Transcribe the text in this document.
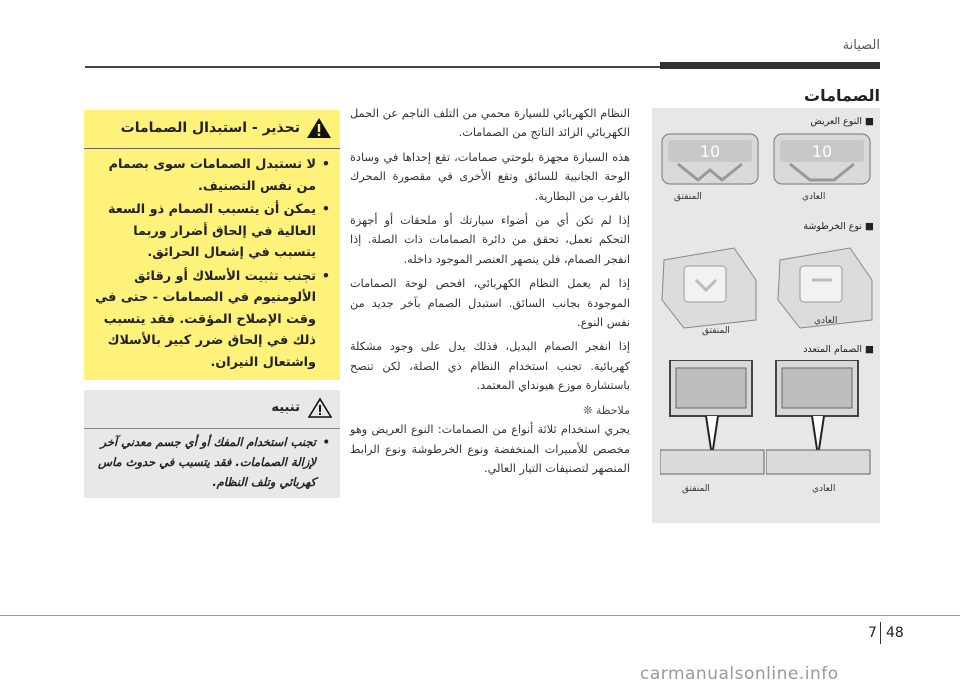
الصيانة
الصمامات
■ النوع العريض
10	10
المنفتق	العادي
■ نوع الخرطوشة
المنفتق
العادي
■ الصمام المتعدد
المنفتق	العادي

النظام الكهربائي للسيارة محمي من التلف الناجم عن الحمل الكهربائي الزائد الناتج من الصمامات.

هذه السيارة مجهزة بلوحتي صمامات، تقع إحداها في وسادة الوحة الجانبية للسائق وتقع الأخرى في مقصورة المحرك بالقرب من البطارية.

إذا لم تكن أي من أضواء سيارتك أو ملحقات أو أجهزة التحكم تعمل، تحقق من دائرة الصمامات ذات الصلة. إذا انفجر الصمام، فلن ينصهر العنصر الموجود داخله.

إذا لم يعمل النظام الكهربائي، افحص لوحة الصمامات الموجودة بجانب السائق. استبدل الصمام بآخر جديد من نفس النوع.

إذا انفجر الصمام البديل، فذلك يدل على وجود مشكلة كهربائية. تجنب استخدام النظام ذي الصلة، لكن تنصح باستشارة موزع هيونداي المعتمد.

ملاحظة ❊

يجري استخدام ثلاثة أنواع من الصمامات: النوع العريض وهو مخصص للأمبيرات المنخفضة ونوع الخرطوشة ونوع الرابط المنصهر لتصنيفات التيار العالي.

تحذير - استبدال الصمامات
• لا تستبدل الصمامات سوى بصمام من نفس التصنيف.
• يمكن أن يتسبب الصمام ذو السعة العالية في إلحاق أضرار وربما يتسبب في إشعال الحرائق.
• تجنب تثبيت الأسلاك أو رقائق الألومنيوم في الصمامات - حتى في وقت الإصلاح المؤقت. فقد يتسبب ذلك في إلحاق ضرر كبير بالأسلاك واشتعال النيران.
تنبيه
• تجنب استخدام المفك أو أي جسم معدني آخر لإزالة الصمامات. فقد يتسبب في حدوث ماس كهربائي وتلف النظام.
7 48
carmanualsonline.info
